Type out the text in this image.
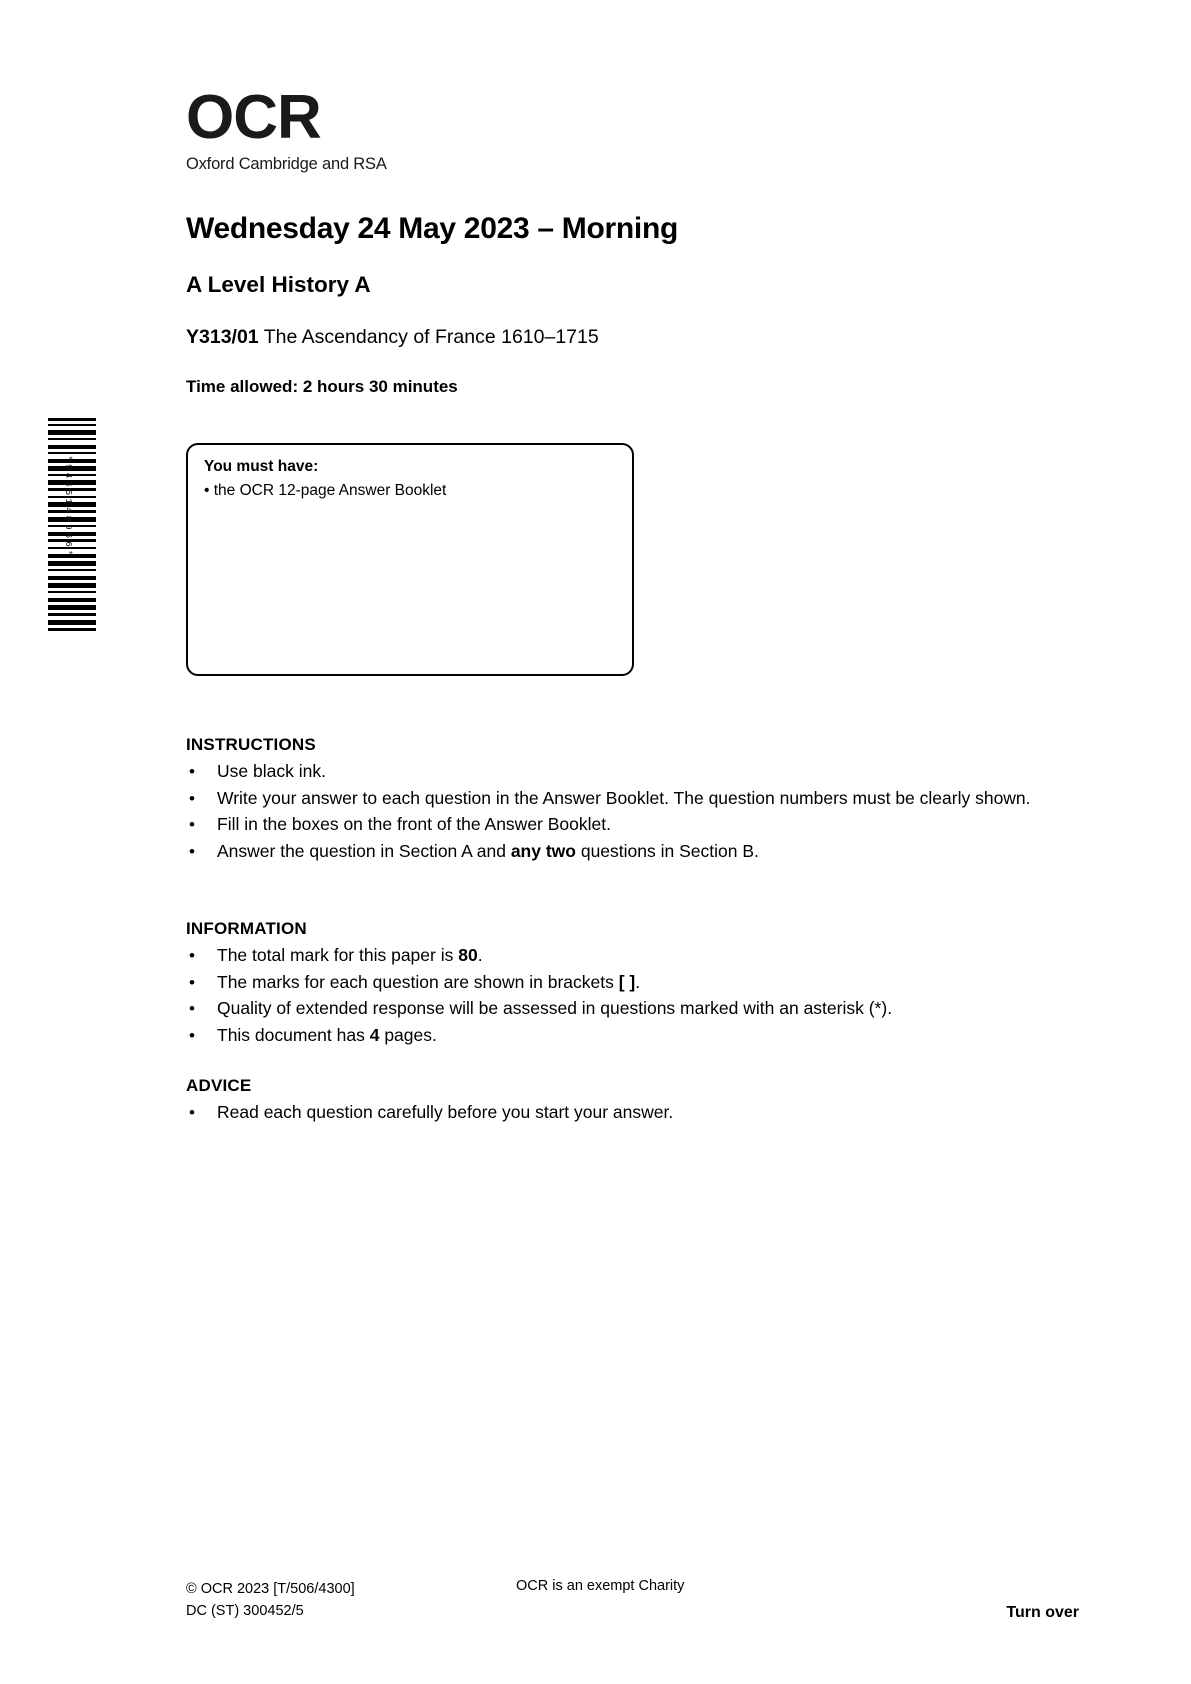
*9445148966*
OCR
Oxford Cambridge and RSA
Wednesday 24 May 2023 – Morning
A Level History A
Y313/01 The Ascendancy of France 1610–1715
Time allowed: 2 hours 30 minutes
You must have:
• the OCR 12-page Answer Booklet
INSTRUCTIONS
• Use black ink.
• Write your answer to each question in the Answer Booklet. The question numbers must be clearly shown.
• Fill in the boxes on the front of the Answer Booklet.
• Answer the question in Section A and any two questions in Section B.
INFORMATION
• The total mark for this paper is 80.
• The marks for each question are shown in brackets [ ].
• Quality of extended response will be assessed in questions marked with an asterisk (*).
• This document has 4 pages.
ADVICE
• Read each question carefully before you start your answer.
© OCR 2023 [T/506/4300]
DC (ST) 300452/5
OCR is an exempt Charity
Turn over
